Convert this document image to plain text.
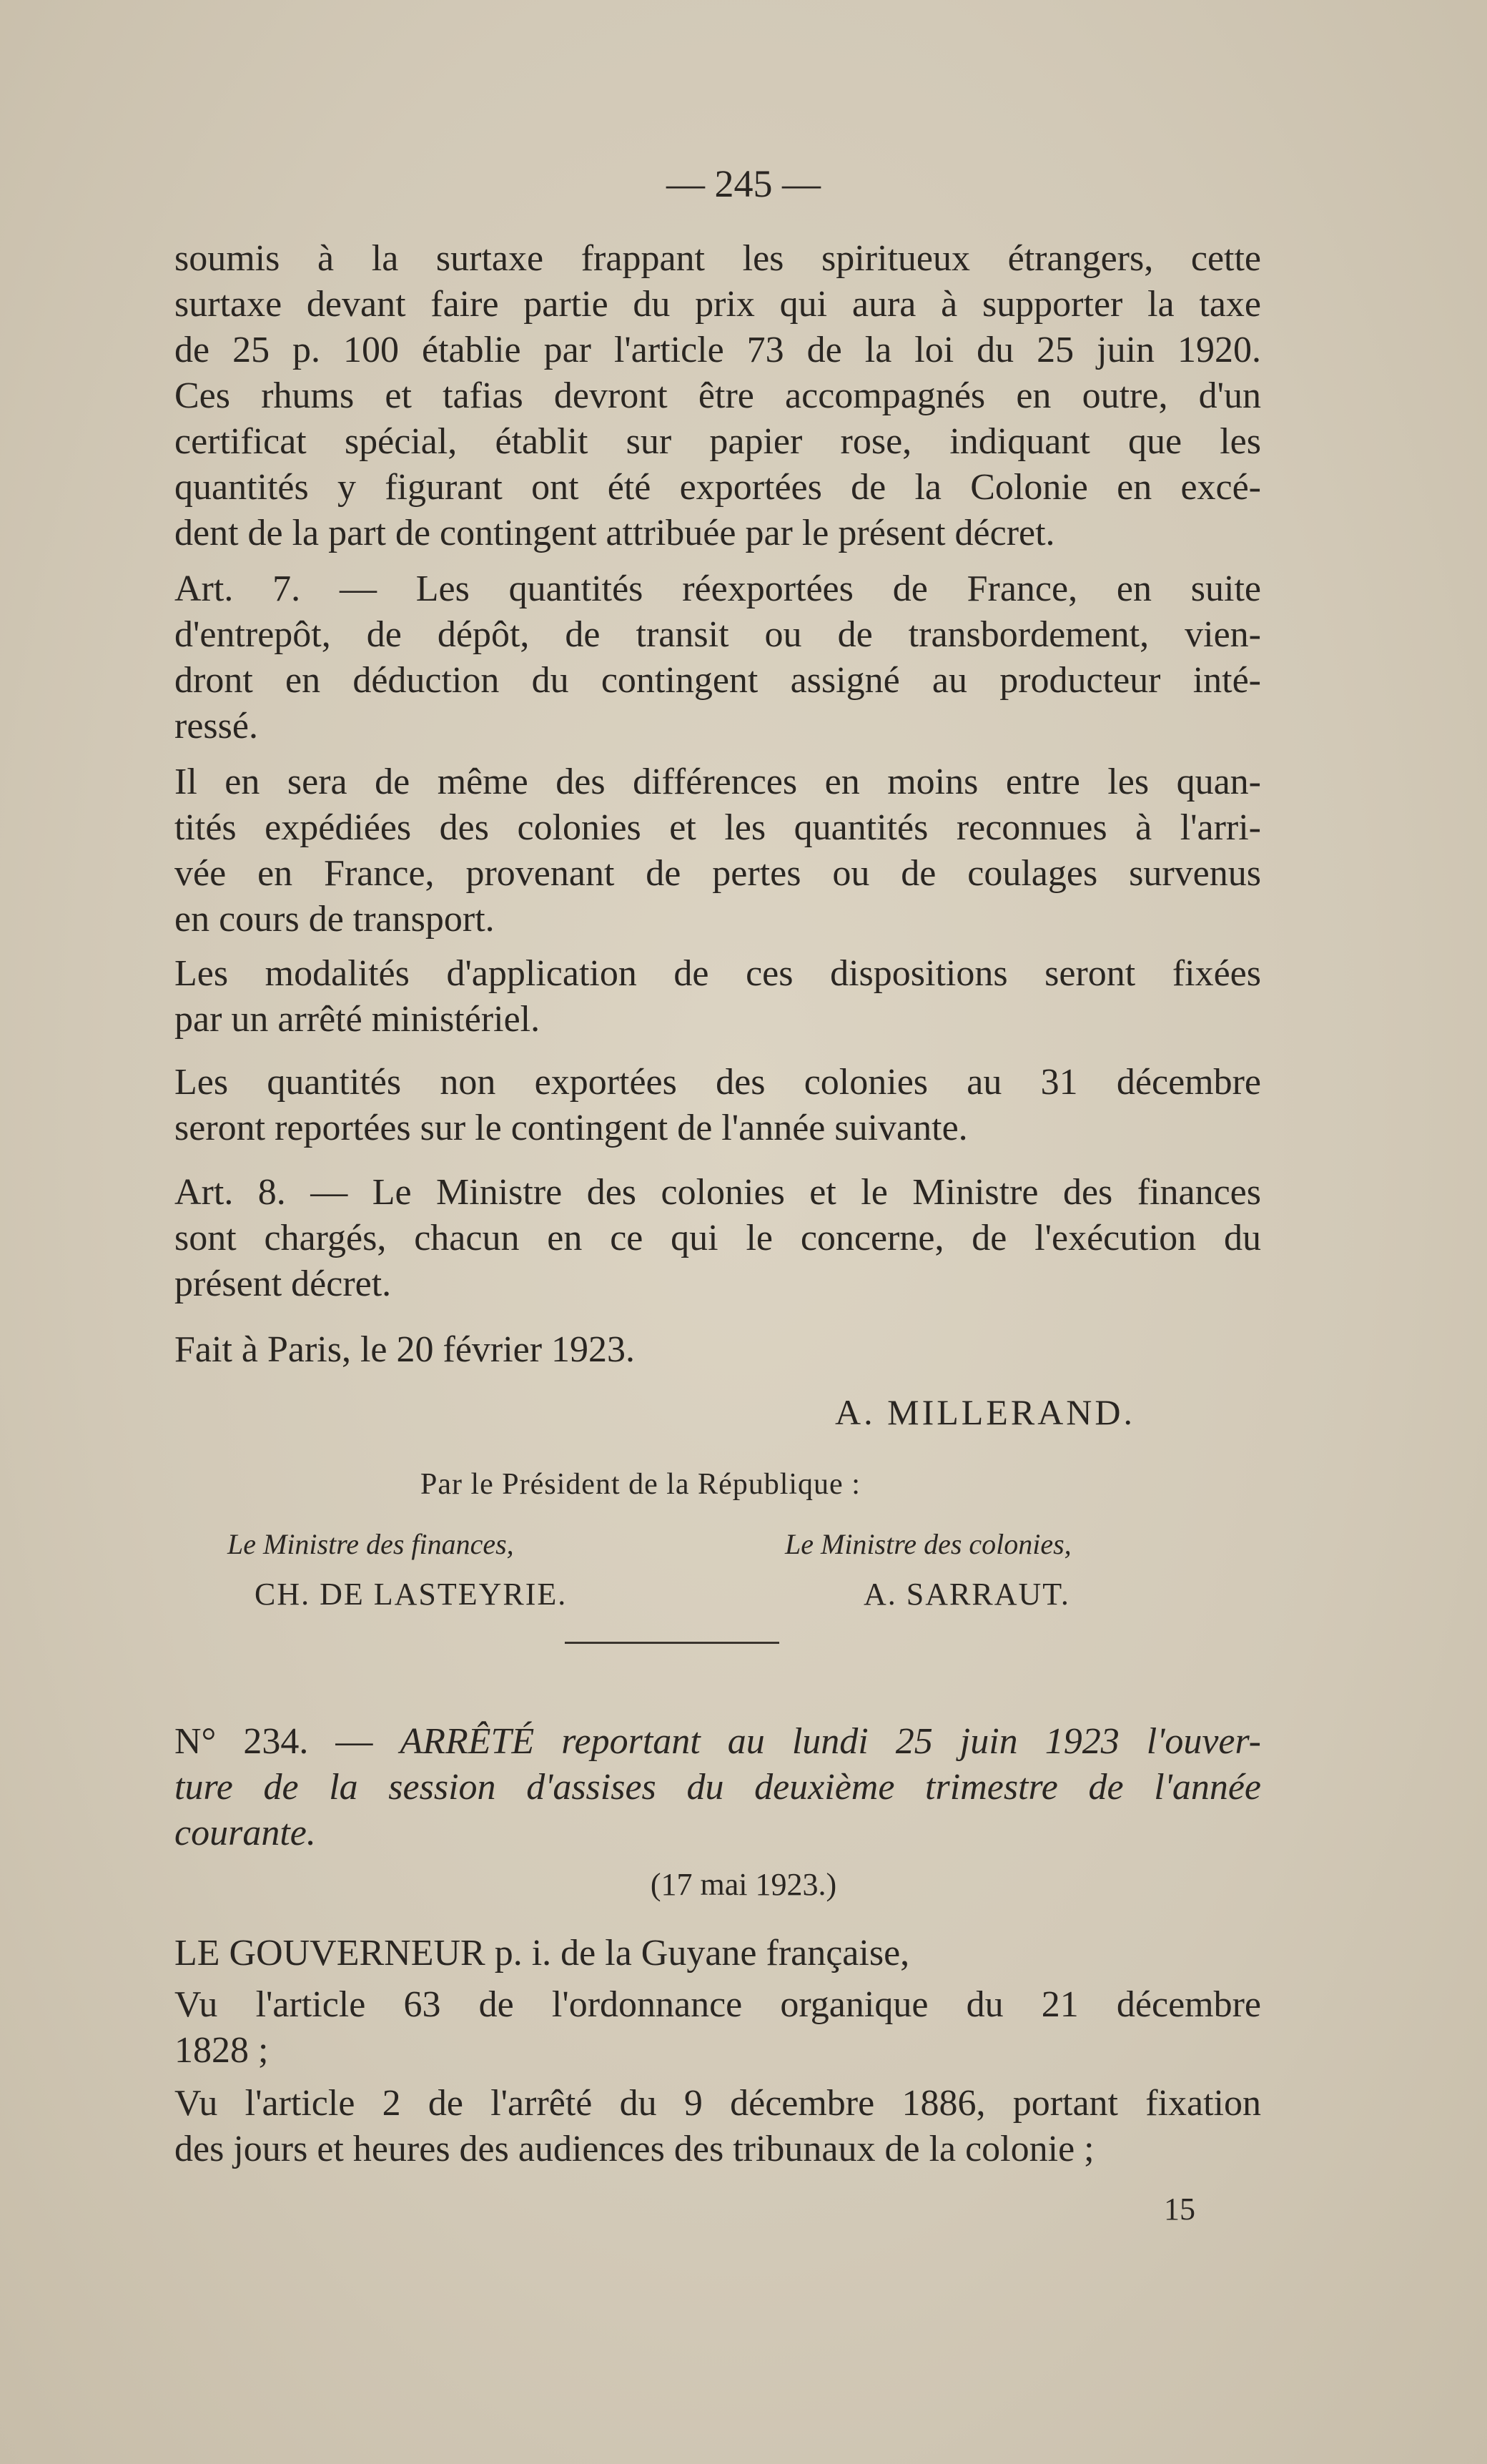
— 245 —
soumis à la surtaxe frappant les spiritueux étrangers, cette
surtaxe devant faire partie du prix qui aura à supporter la taxe
de 25 p. 100 établie par l'article 73 de la loi du 25 juin 1920.
Ces rhums et tafias devront être accompagnés en outre, d'un
certificat spécial, établit sur papier rose, indiquant que les
quantités y figurant ont été exportées de la Colonie en excé-
dent de la part de contingent attribuée par le présent décret.
Art. 7. — Les quantités réexportées de France, en suite
d'entrepôt, de dépôt, de transit ou de transbordement, vien-
dront en déduction du contingent assigné au producteur inté-
ressé.
Il en sera de même des différences en moins entre les quan-
tités expédiées des colonies et les quantités reconnues à l'arri-
vée en France, provenant de pertes ou de coulages survenus
en cours de transport.
Les modalités d'application de ces dispositions seront fixées
par un arrêté ministériel.
Les quantités non exportées des colonies au 31 décembre
seront reportées sur le contingent de l'année suivante.
Art. 8. — Le Ministre des colonies et le Ministre des finances
sont chargés, chacun en ce qui le concerne, de l'exécution du
présent décret.
Fait à Paris, le 20 février 1923.
A. MILLERAND.
Par le Président de la République :
Le Ministre des finances,
CH. DE LASTEYRIE.
Le Ministre des colonies,
A. SARRAUT.
N° 234. — ARRÊTÉ reportant au lundi 25 juin 1923 l'ouver-
ture de la session d'assises du deuxième trimestre de l'année
courante.
(17 mai 1923.)
LE GOUVERNEUR p. i. de la Guyane française,
Vu l'article 63 de l'ordonnance organique du 21 décembre
1828 ;
Vu l'article 2 de l'arrêté du 9 décembre 1886, portant fixation
des jours et heures des audiences des tribunaux de la colonie ;
15
